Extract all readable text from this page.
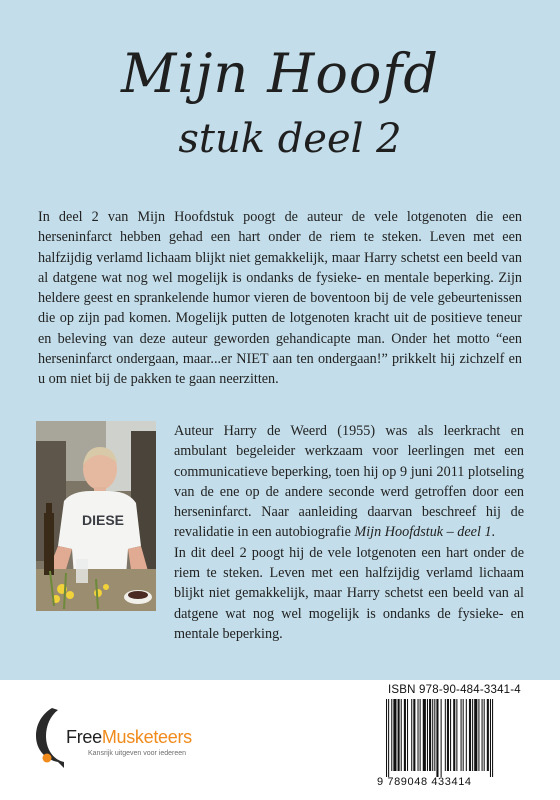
Mijn Hoofd
stuk deel 2

In deel 2 van Mijn Hoofdstuk poogt de auteur de vele lotgenoten die een herseninfarct hebben gehad een hart onder de riem te steken. Leven met een halfzijdig verlamd lichaam blijkt niet gemakkelijk, maar Harry schetst een beeld van al datgene wat nog wel mogelijk is ondanks de fysieke- en mentale beperking. Zijn heldere geest en sprankelende humor vieren de boventoon bij de vele gebeurtenissen die op zijn pad komen. Mogelijk putten de lotgenoten kracht uit de positieve teneur en beleving van deze auteur geworden gehandicapte man. Onder het motto “een herseninfarct ondergaan, maar...er NIET aan ten ondergaan!” prikkelt hij zichzelf en u om niet bij de pakken te gaan neerzitten.

DIESE

Auteur Harry de Weerd (1955) was als leerkracht en ambulant begeleider werkzaam voor leerlingen met een communicatieve beperking, toen hij op 9 juni 2011 plotseling van de ene op de andere seconde werd getroffen door een herseninfarct. Naar aanleiding daarvan beschreef hij de revalidatie in een autobiografie Mijn Hoofdstuk – deel 1.

In dit deel 2 poogt hij de vele lotgenoten een hart onder de riem te steken. Leven met een halfzijdig verlamd lichaam blijkt niet gemakkelijk, maar Harry schetst een beeld van al datgene wat nog wel mogelijk is ondanks de fysieke- en mentale beperking.

FreeMusketeers
Kansrijk uitgeven voor iedereen
ISBN 978-90-484-3341-4
9 789048 433414
